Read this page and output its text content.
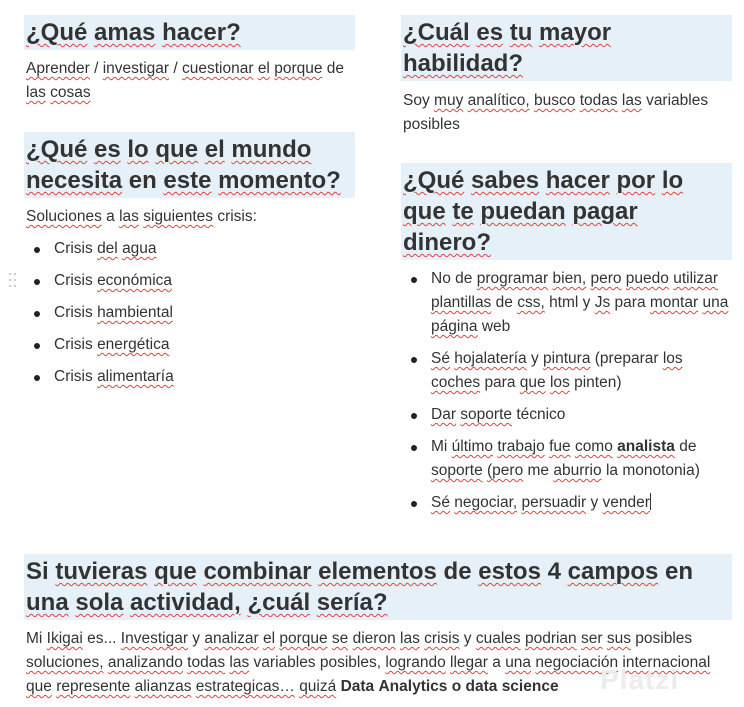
¿Qué amas hacer?
Aprender / investigar / cuestionar el porque de las cosas
¿Qué es lo que el mundo necesita en este momento?
Soluciones a las siguientes crisis:
Crisis del agua
Crisis económica
Crisis hambiental
Crisis energética
Crisis alimentaría
¿Cuál es tu mayor habilidad?
Soy muy analítico, busco todas las variables posibles
¿Qué sabes hacer por lo que te puedan pagar dinero?
No de programar bien, pero puedo utilizar plantillas de css, html y Js para montar una página web
Sé hojalatería y pintura (preparar los coches para que los pinten)
Dar soporte técnico
Mi último trabajo fue como analista de soporte (pero me aburrio la monotonia)
Sé negociar, persuadir y vender
Si tuvieras que combinar elementos de estos 4 campos en una sola actividad, ¿cuál sería?
Mi Ikigai es... Investigar y analizar el porque se dieron las crisis y cuales podrian ser sus posibles soluciones, analizando todas las variables posibles, logrando llegar a una negociación internacional que represente alianzas estrategicas… quizá Data Analytics o data science	Platzi
